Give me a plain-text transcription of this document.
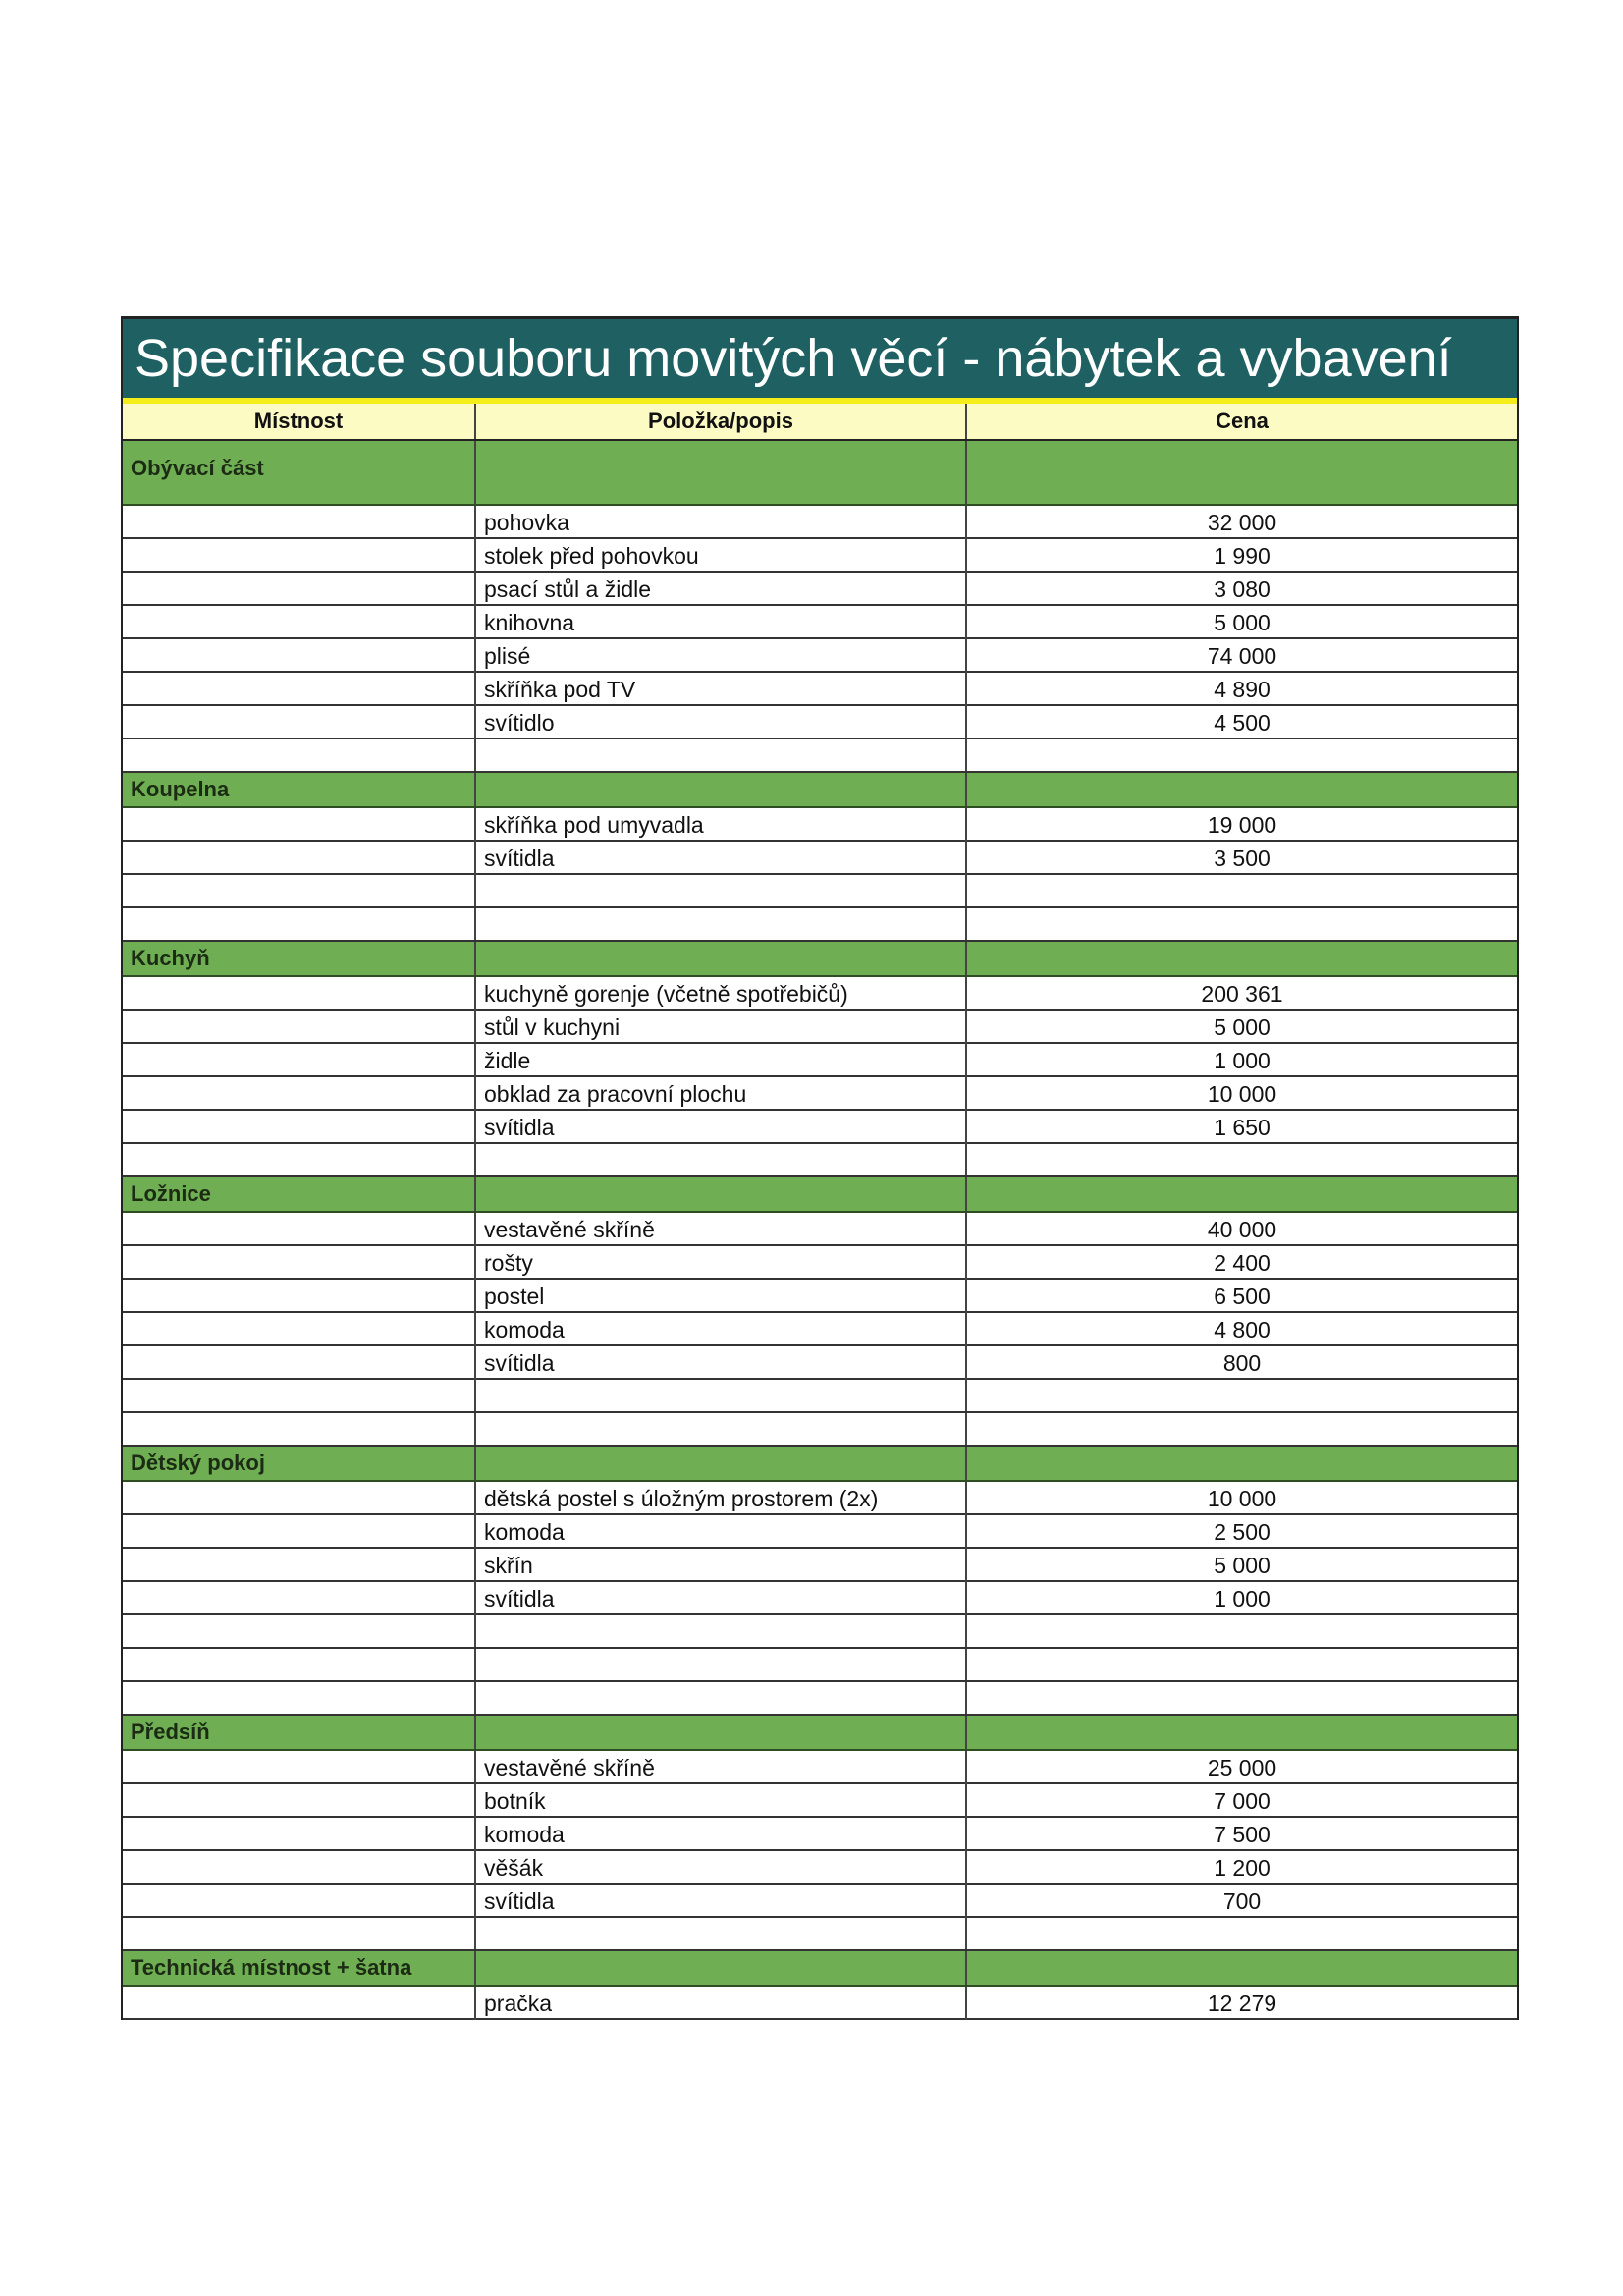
Specifikace souboru movitých věcí - nábytek a vybavení
Místnost	Položka/popis	Cena
Obývací část
pohovka	32 000
stolek před pohovkou	1 990
psací stůl a židle	3 080
knihovna	5 000
plisé	74 000
skříňka pod TV	4 890
svítidlo	4 500
Koupelna
skříňka pod umyvadla	19 000
svítidla	3 500
Kuchyň
kuchyně gorenje (včetně spotřebičů)	200 361
stůl v kuchyni	5 000
židle	1 000
obklad za pracovní plochu	10 000
svítidla	1 650
Ložnice
vestavěné skříně	40 000
rošty	2 400
postel	6 500
komoda	4 800
svítidla	800
Dětský pokoj
dětská postel s úložným prostorem (2x)	10 000
komoda	2 500
skřín	5 000
svítidla	1 000
Předsíň
vestavěné skříně	25 000
botník	7 000
komoda	7 500
věšák	1 200
svítidla	700
Technická místnost + šatna
pračka	12 279
